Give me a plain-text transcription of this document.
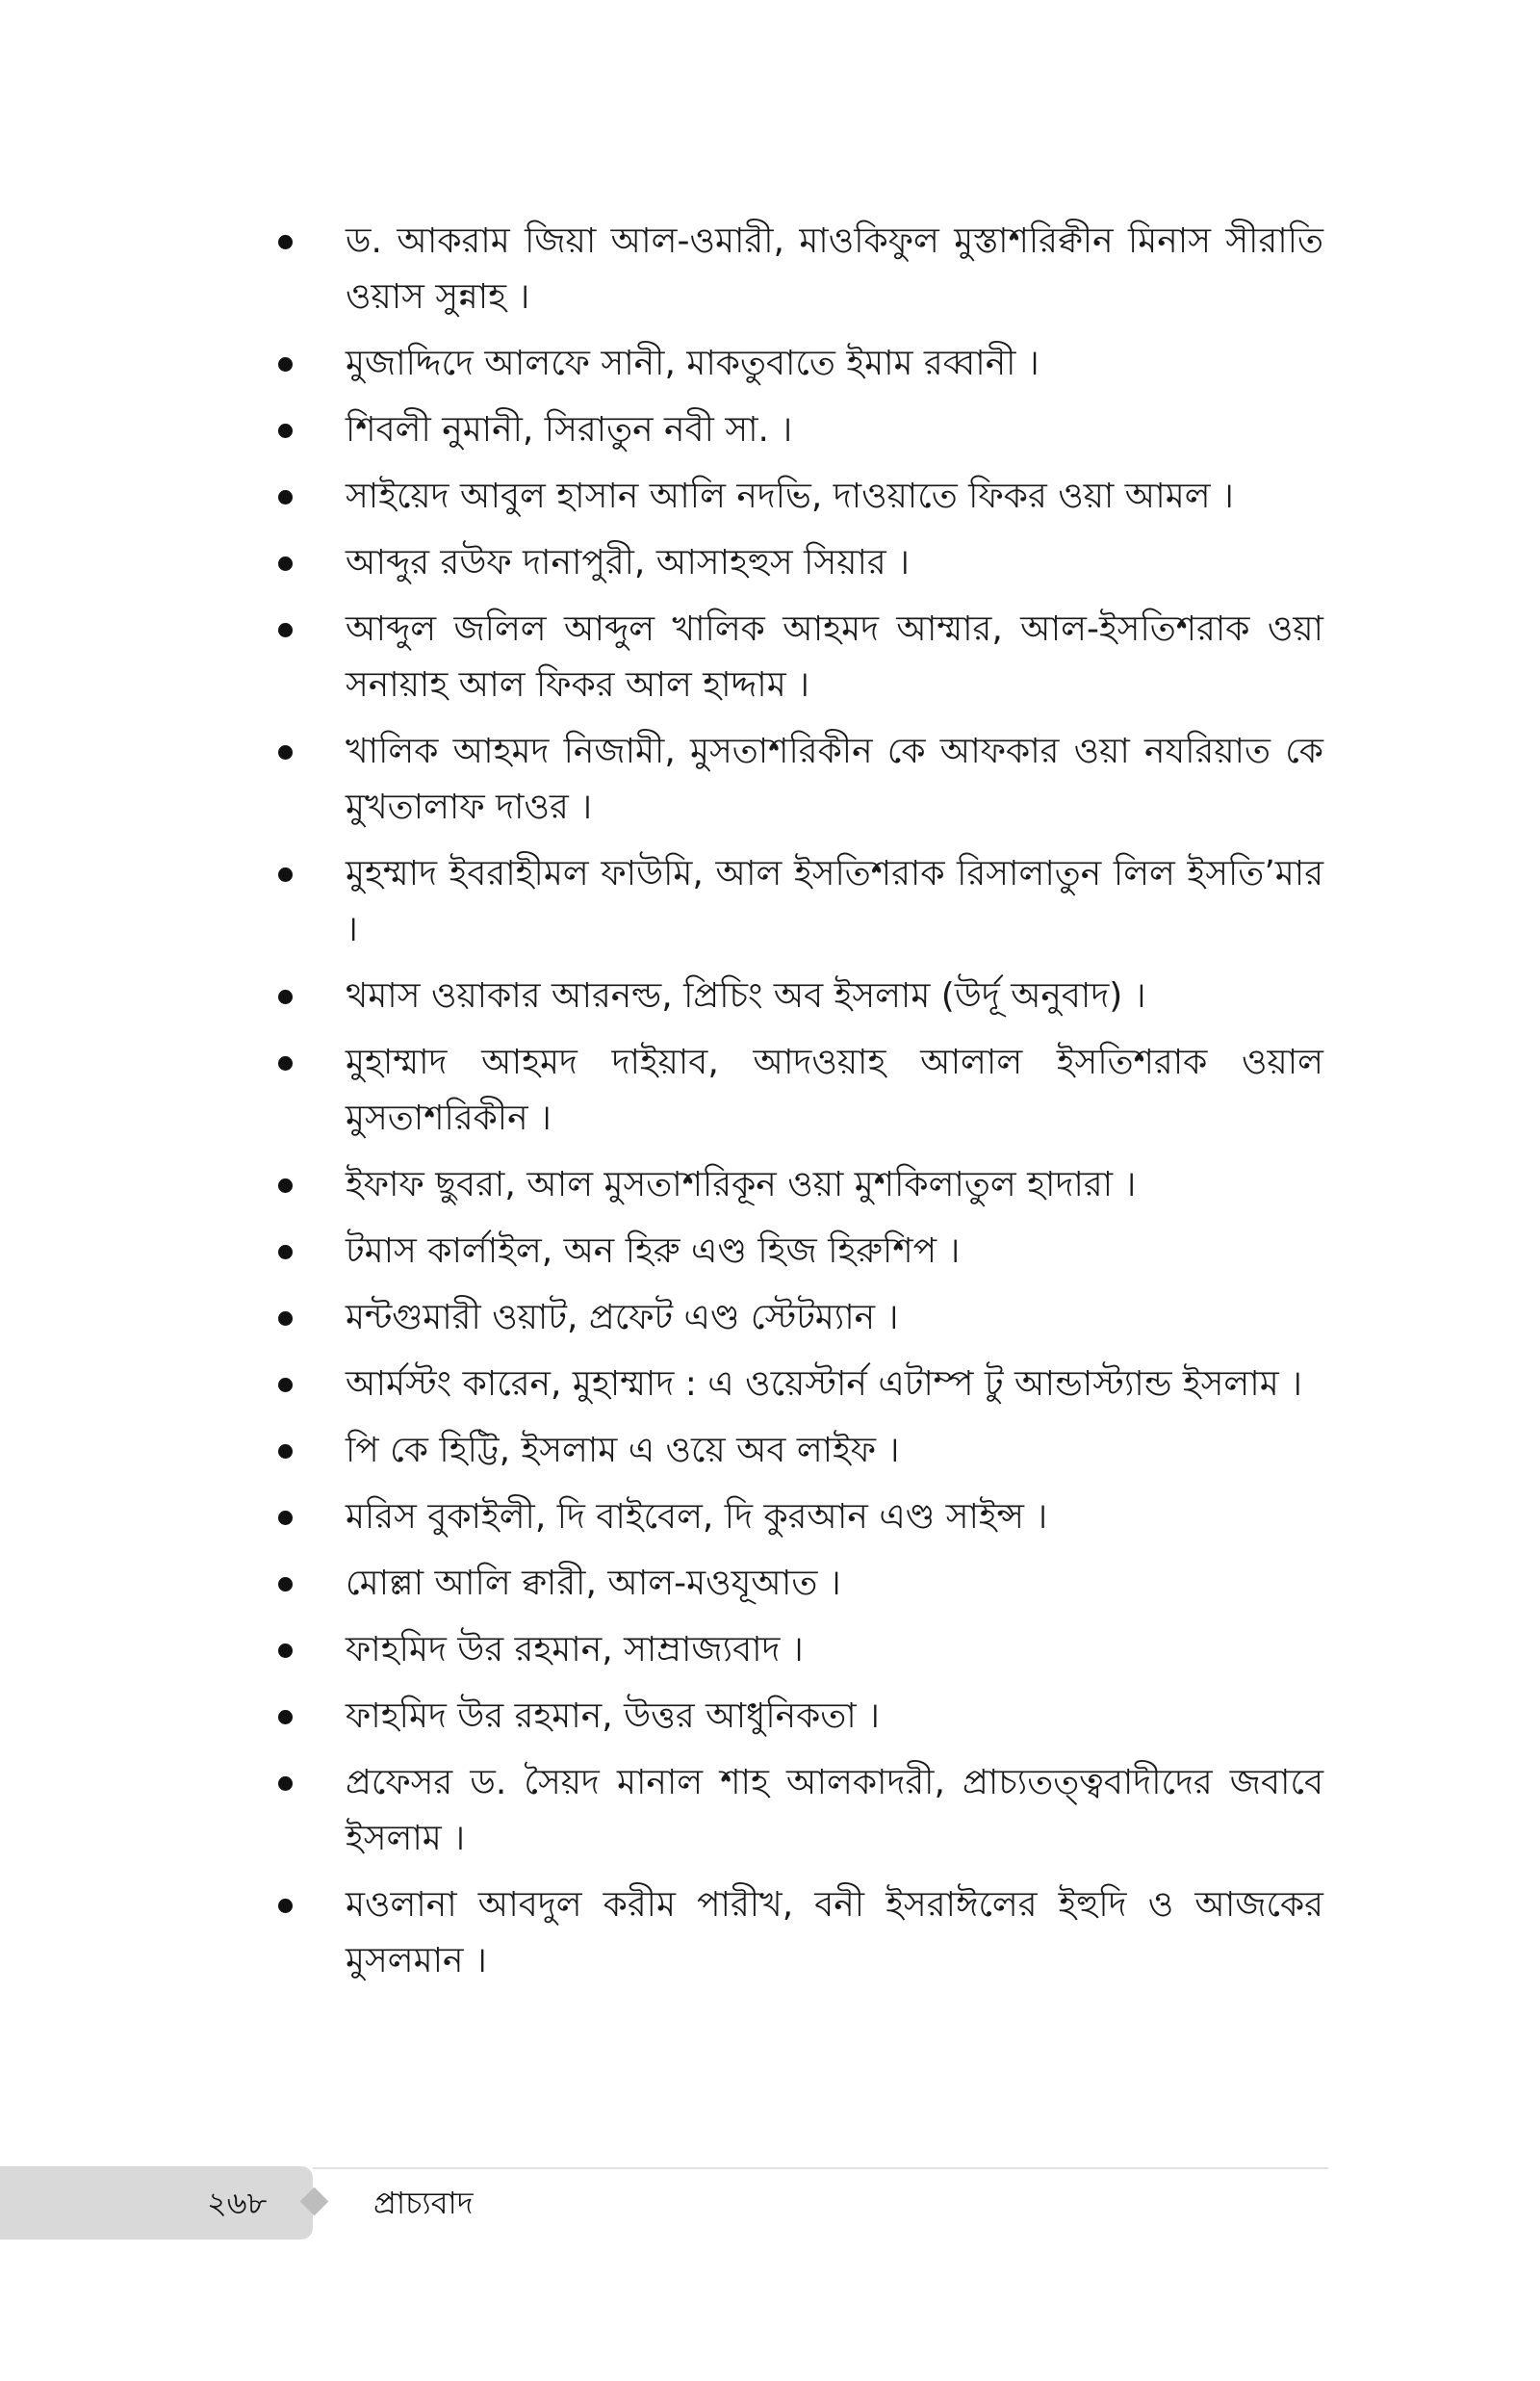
ড. আকরাম জিয়া আল-ওমারী, মাওকিফুল মুস্তাশরিক্বীন মিনাস সীরাতি ওয়াস সুন্নাহ ।
মুজাদ্দিদে আলফে সানী, মাকতুবাতে ইমাম রব্বানী ।
শিবলী নুমানী, সিরাতুন নবী সা. ।
সাইয়েদ আবুল হাসান আলি নদভি, দাওয়াতে ফিকর ওয়া আমল ।
আব্দুর রউফ দানাপুরী, আসাহহুস সিয়ার ।
আব্দুল জলিল আব্দুল খালিক আহমদ আম্মার, আল-ইসতিশরাক ওয়া সনায়াহ আল ফিকর আল হাদ্দাম ।
খালিক আহমদ নিজামী, মুসতাশরিকীন কে আফকার ওয়া নযরিয়াত কে মুখতালাফ দাওর ।
মুহম্মাদ ইবরাহীমল ফাউমি, আল ইসতিশরাক রিসালাতুন লিল ইসতি’মার ।
থমাস ওয়াকার আরনল্ড, প্রিচিং অব ইসলাম (উর্দূ অনুবাদ) ।
মুহাম্মাদ আহমদ দাইয়াব, আদওয়াহ আলাল ইসতিশরাক ওয়াল মুসতাশরিকীন ।
ইফাফ ছুবরা, আল মুসতাশরিকূন ওয়া মুশকিলাতুল হাদারা ।
টমাস কার্লাইল, অন হিরু এণ্ড হিজ হিরুশিপ ।
মন্টগুমারী ওয়াট, প্রফেট এণ্ড স্টেটম্যান ।
আর্মস্টং কারেন, মুহাম্মাদ : এ ওয়েস্টার্ন এটাম্প টু আন্ডাস্ট্যান্ড ইসলাম ।
পি কে হিট্টি, ইসলাম এ ওয়ে অব লাইফ ।
মরিস বুকাইলী, দি বাইবেল, দি কুরআন এণ্ড সাইন্স ।
মোল্লা আলি ক্বারী, আল-মওযূআত ।
ফাহমিদ উর রহমান, সাম্রাজ্যবাদ ।
ফাহমিদ উর রহমান, উত্তর আধুনিকতা ।
প্রফেসর ড. সৈয়দ মানাল শাহ আলকাদরী, প্রাচ্যতত্ত্ববাদীদের জবাবে ইসলাম ।
মওলানা আবদুল করীম পারীখ, বনী ইসরাঈলের ইহুদি ও আজকের মুসলমান ।
২৬৮	প্রাচ্যবাদ
